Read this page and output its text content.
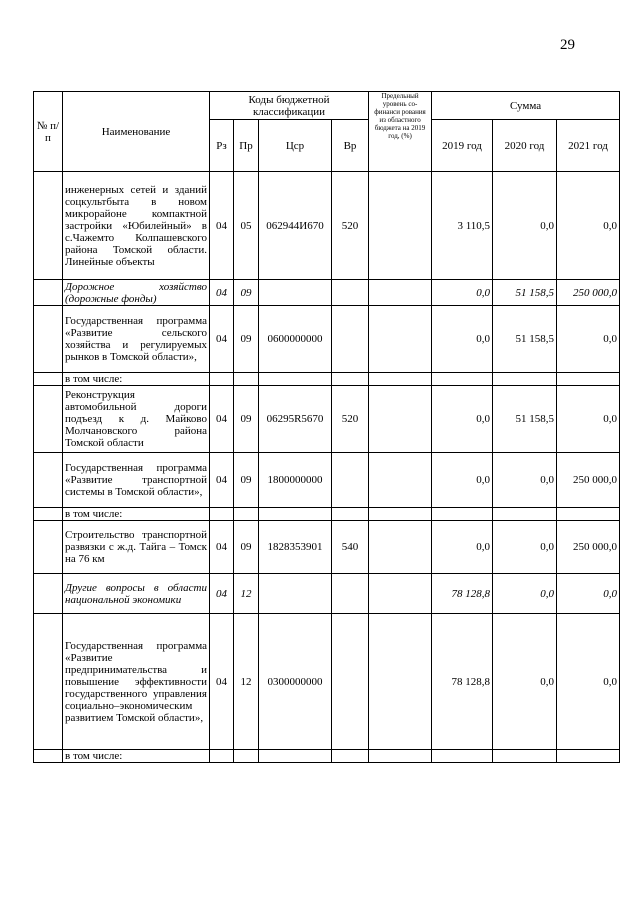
29
№ п/п	Наименование	Коды бюджетной классификации				Предельный уровень со-финанси рования из областного бюджета на 2019 год, (%)	Сумма		
		Рз	Пр	Цср	Вр		2019 год	2020 год	2021 год
	инженерных сетей и зданий соцкультбыта в новом микрорайоне компактной застройки «Юбилейный» в с.Чажемто Колпашевского района Томской области. Линейные объекты	04	05	062944И670	520		3 110,5	0,0	0,0
	Дорожное хозяйство (дорожные фонды)	04	09				0,0	51 158,5	250 000,0
	Государственная программа «Развитие сельского хозяйства и регулируемых рынков в Томской области»,	04	09	0600000000			0,0	51 158,5	0,0
	в том числе:								
	Реконструкция автомобильной дороги подъезд к д. Майково Молчановского района Томской области	04	09	06295R5670	520		0,0	51 158,5	0,0
	Государственная программа «Развитие транспортной системы в Томской области»,	04	09	1800000000			0,0	0,0	250 000,0
	в том числе:								
	Строительство транспортной развязки с ж.д. Тайга – Томск на 76 км	04	09	1828353901	540		0,0	0,0	250 000,0
	Другие вопросы в области национальной экономики	04	12				78 128,8	0,0	0,0
	Государственная программа «Развитие предпринимательства и повышение эффективности государственного управления социально–экономическим развитием Томской области»,	04	12	0300000000			78 128,8	0,0	0,0
	в том числе:								
